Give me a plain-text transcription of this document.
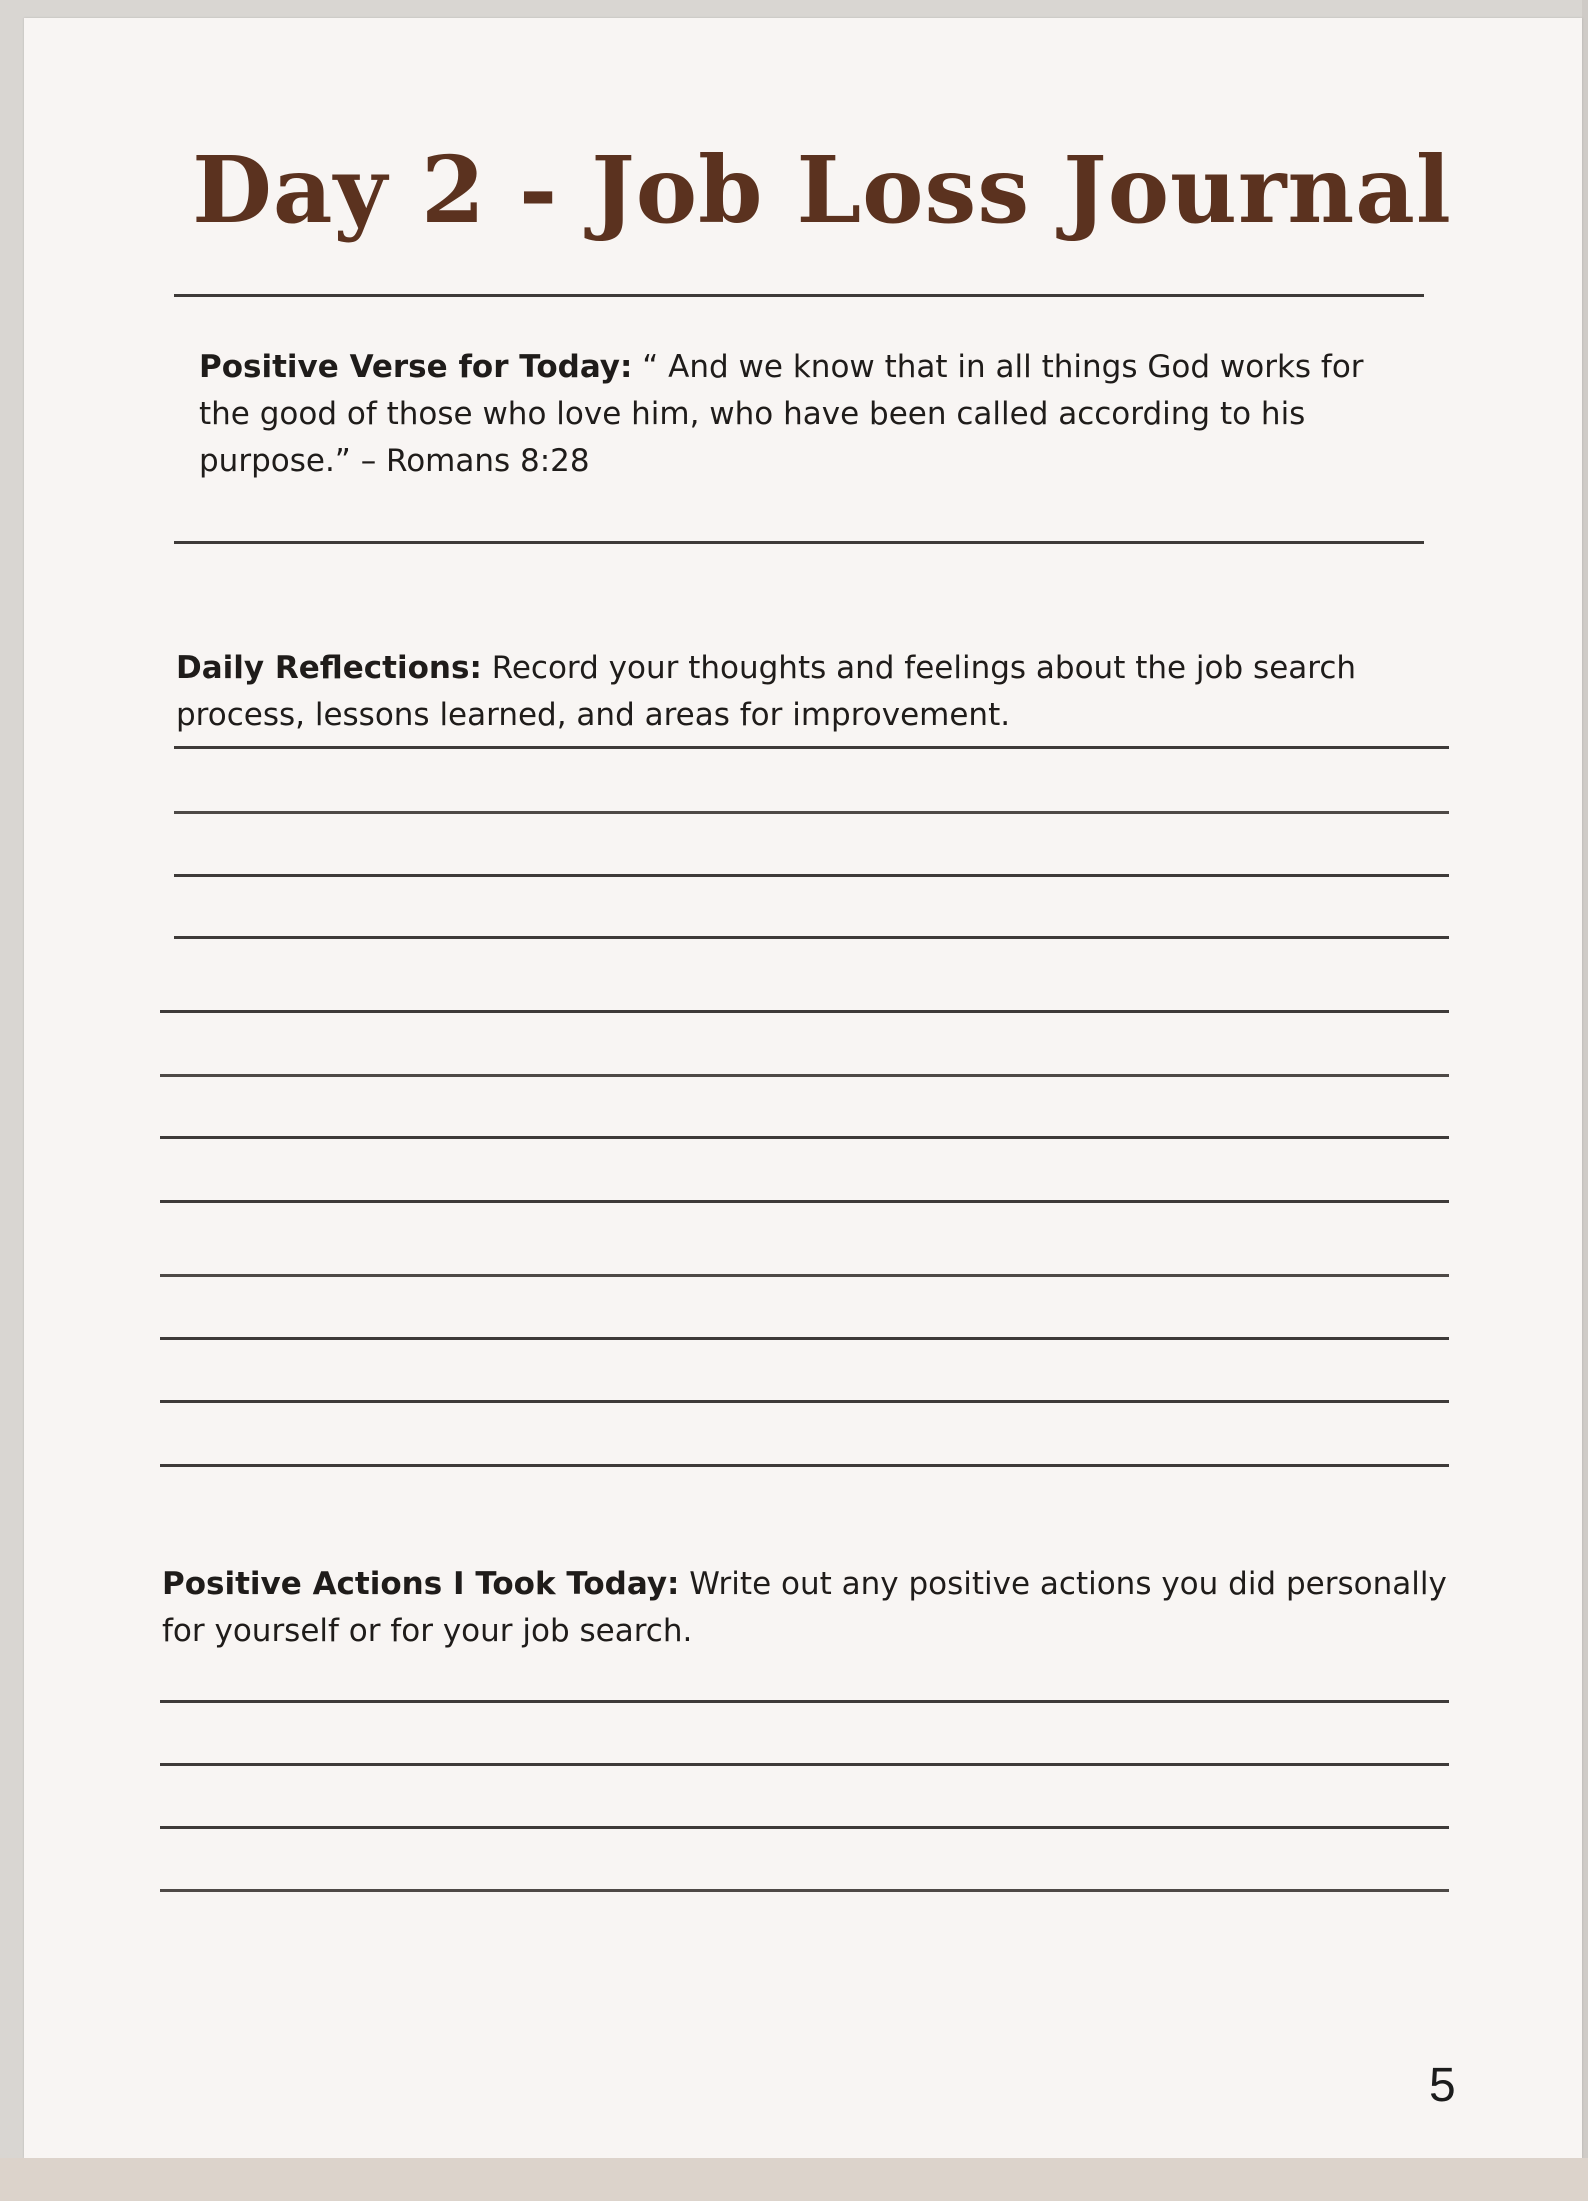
Day 2 - Job Loss Journal
Positive Verse for Today: “ And we know that in all things God works for the good of those who love him, who have been called according to his purpose.” – Romans 8:28
Daily Reflections: Record your thoughts and feelings about the job search process, lessons learned, and areas for improvement.
Positive Actions I Took Today: Write out any positive actions you did personally for yourself or for your job search.
5
